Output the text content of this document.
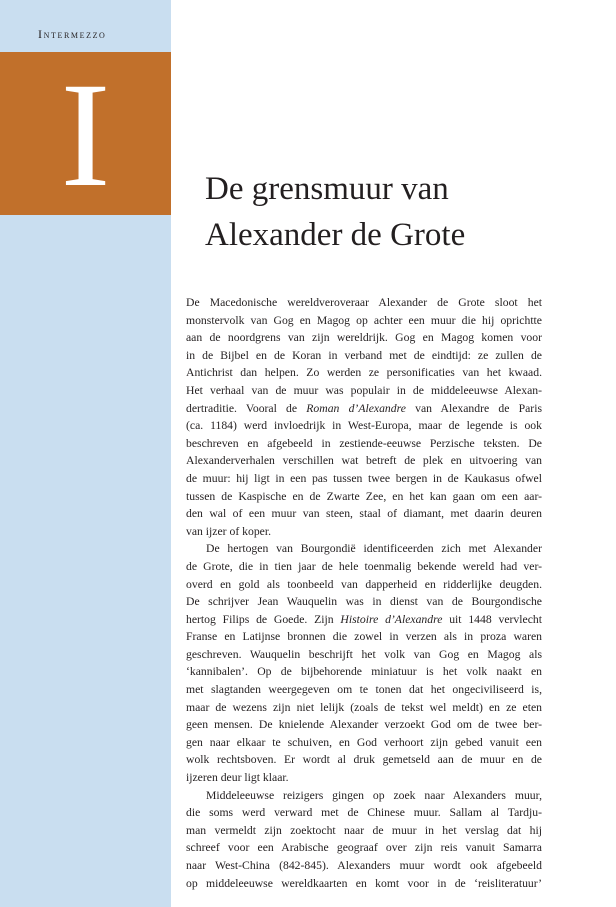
Intermezzo
I	De grensmuur van
Alexander de Grote
De Macedonische wereldveroveraar Alexander de Grote sloot het
monstervolk van Gog en Magog op achter een muur die hij oprichtte
aan de noordgrens van zijn wereldrijk. Gog en Magog komen voor
in de Bijbel en de Koran in verband met de eindtijd: ze zullen de
Antichrist dan helpen. Zo werden ze personificaties van het kwaad.
Het verhaal van de muur was populair in de middeleeuwse Alexan-
dertraditie. Vooral de Roman d’Alexandre van Alexandre de Paris
(ca. 1184) werd invloedrijk in West-Europa, maar de legende is ook
beschreven en afgebeeld in zestiende-eeuwse Perzische teksten. De
Alexanderverhalen verschillen wat betreft de plek en uitvoering van
de muur: hij ligt in een pas tussen twee bergen in de Kaukasus ofwel
tussen de Kaspische en de Zwarte Zee, en het kan gaan om een aar-
den wal of een muur van steen, staal of diamant, met daarin deuren
van ijzer of koper.
De hertogen van Bourgondië identificeerden zich met Alexander
de Grote, die in tien jaar de hele toenmalig bekende wereld had ver-
overd en gold als toonbeeld van dapperheid en ridderlijke deugden.
De schrijver Jean Wauquelin was in dienst van de Bourgondische
hertog Filips de Goede. Zijn Histoire d’Alexandre uit 1448 vervlecht
Franse en Latijnse bronnen die zowel in verzen als in proza waren
geschreven. Wauquelin beschrijft het volk van Gog en Magog als
‘kannibalen’. Op de bijbehorende miniatuur is het volk naakt en
met slagtanden weergegeven om te tonen dat het ongeciviliseerd is,
maar de wezens zijn niet lelijk (zoals de tekst wel meldt) en ze eten
geen mensen. De knielende Alexander verzoekt God om de twee ber-
gen naar elkaar te schuiven, en God verhoort zijn gebed vanuit een
wolk rechtsboven. Er wordt al druk gemetseld aan de muur en de
ijzeren deur ligt klaar.
Middeleeuwse reizigers gingen op zoek naar Alexanders muur,
die soms werd verward met de Chinese muur. Sallam al Tardju-
man vermeldt zijn zoektocht naar de muur in het verslag dat hij
schreef voor een Arabische geograaf over zijn reis vanuit Samarra
naar West-China (842-845). Alexanders muur wordt ook afgebeeld
op middeleeuwse wereldkaarten en komt voor in de ‘reisliteratuur’
